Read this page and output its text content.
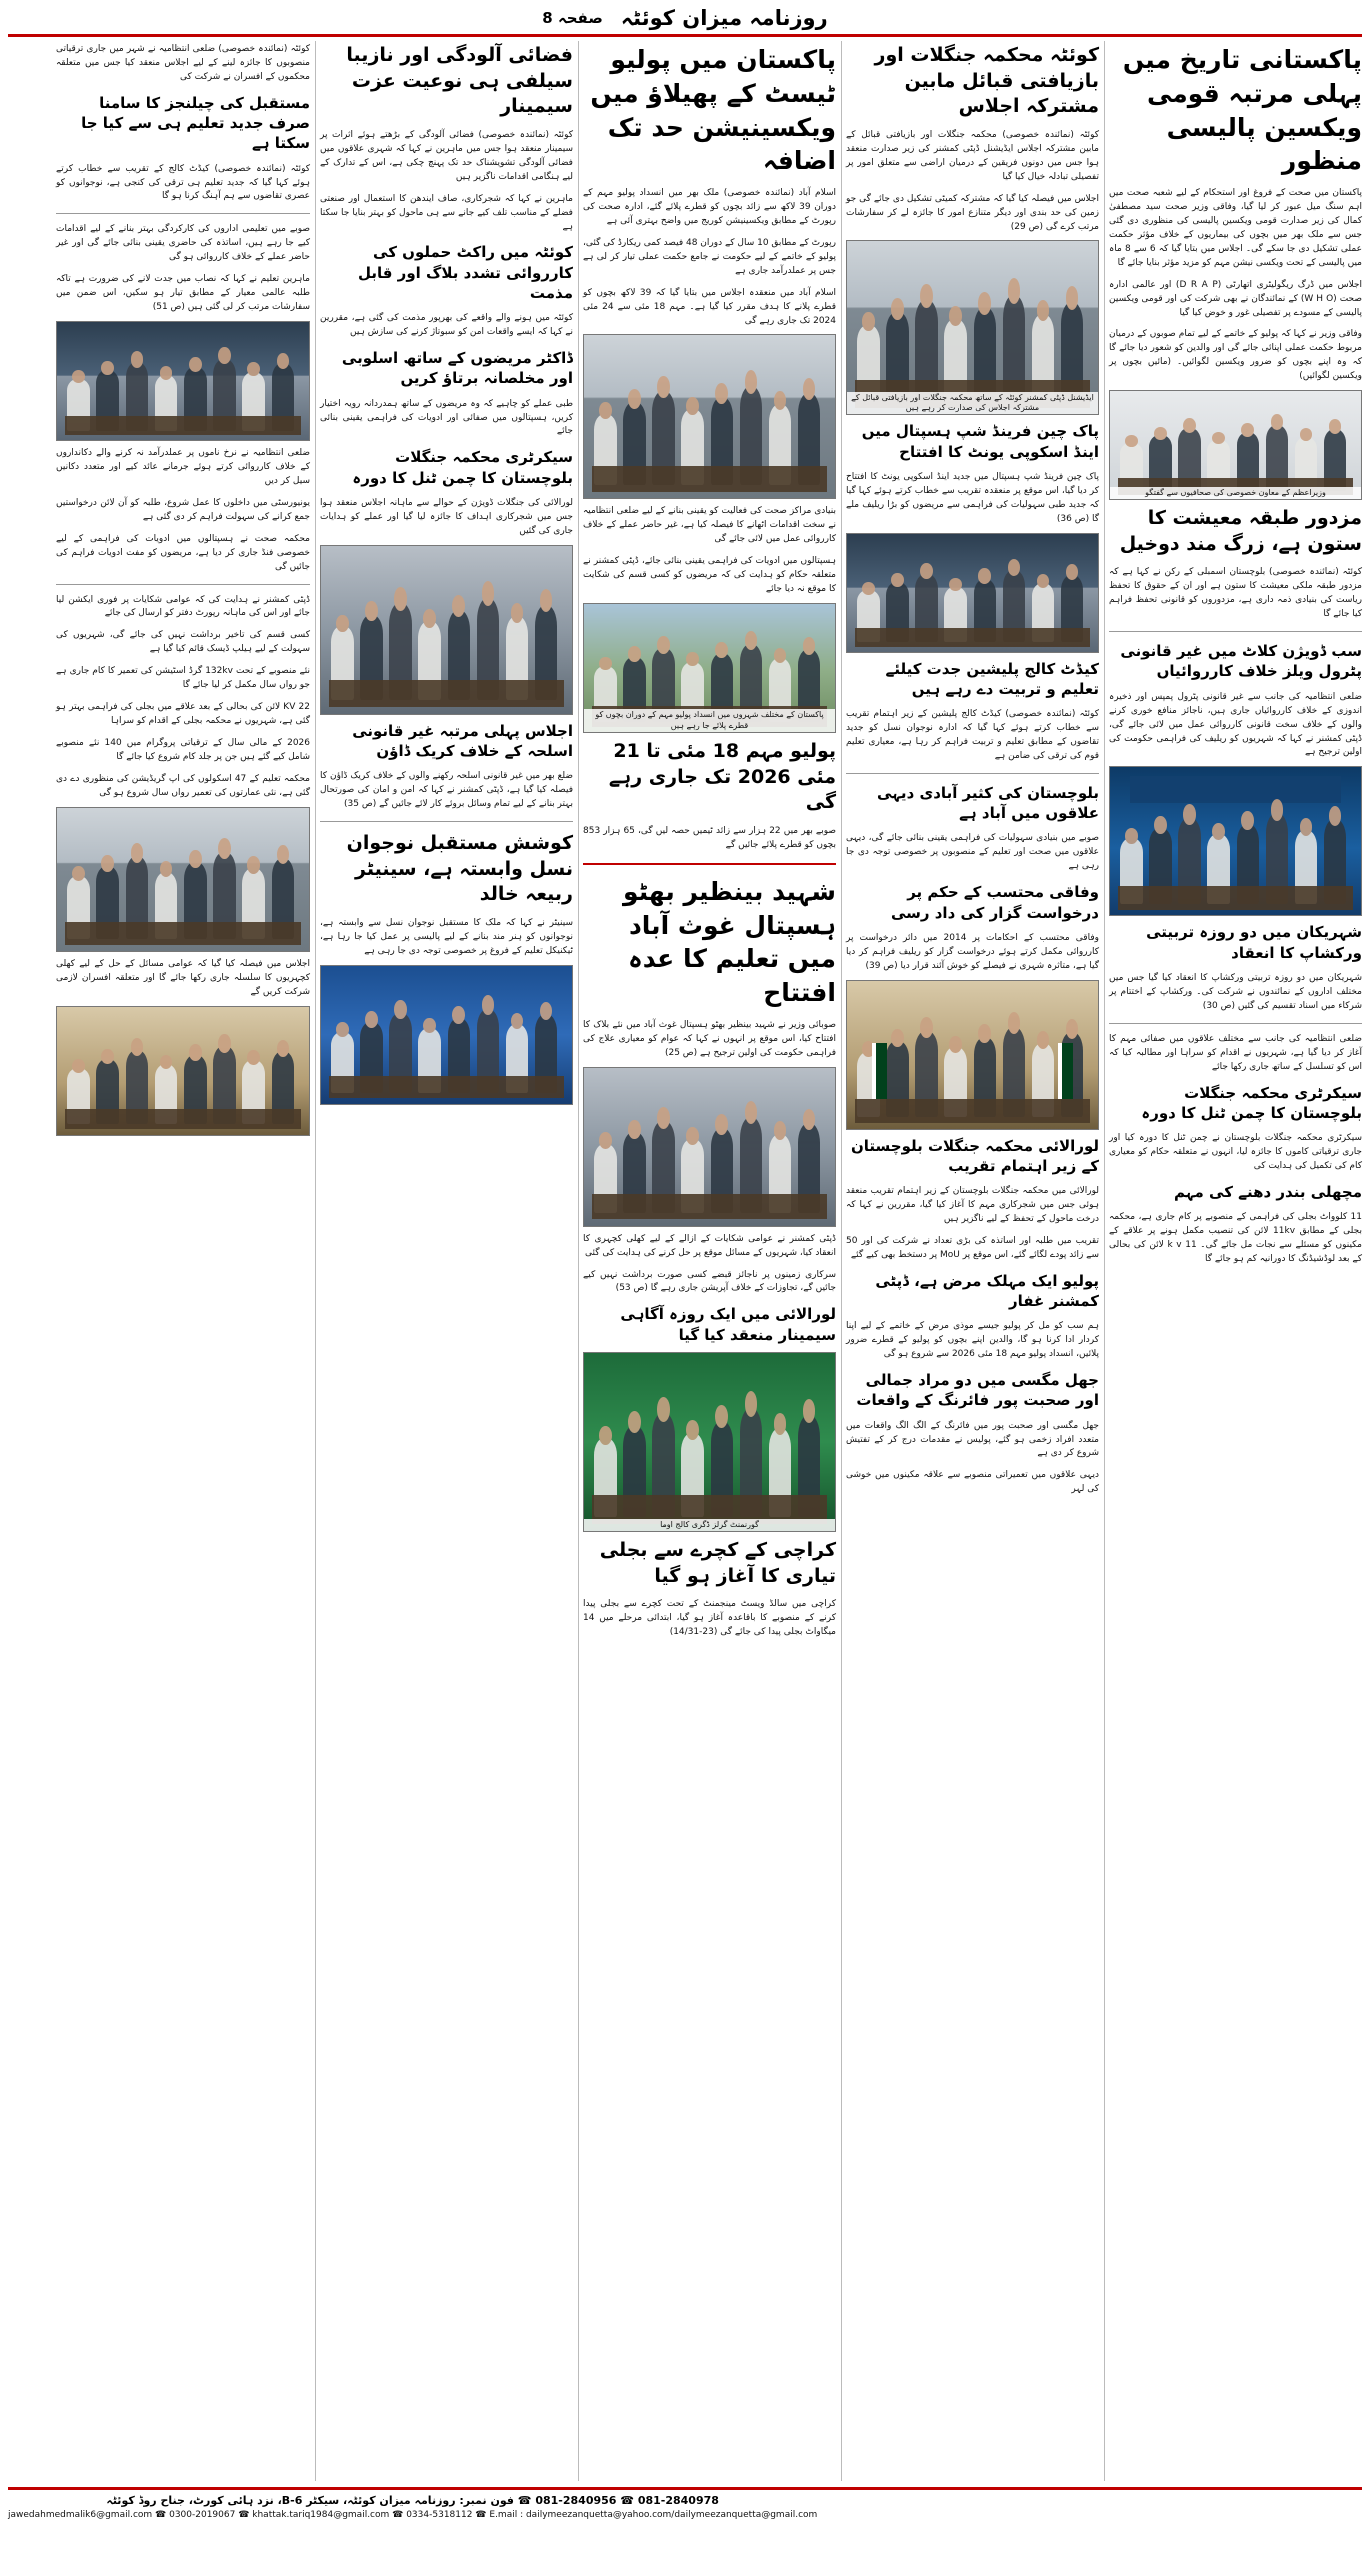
صفحہ 8 روزنامہ میزان کوئٹہ
پاکستانی تاریخ میں پہلی مرتبہ قومی ویکسین پالیسی منظور
پاکستان میں صحت کے فروغ اور استحکام کے لیے شعبہ صحت میں اہم سنگ میل عبور کر لیا گیا، وفاقی وزیر صحت سید مصطفیٰ کمال کی زیر صدارت قومی ویکسین پالیسی کی منظوری دی گئی جس سے ملک بھر میں بچوں کی بیماریوں کے خلاف مؤثر حکمت عملی تشکیل دی جا سکے گی۔ اجلاس میں بتایا گیا کہ 6 سے 8 ماہ میں پالیسی کے تحت ویکسی نیشن مہم کو مزید مؤثر بنایا جائے گا
اجلاس میں ڈرگ ریگولیٹری اتھارٹی (D R A P) اور عالمی ادارہ صحت (W H O) کے نمائندگان نے بھی شرکت کی اور قومی ویکسین پالیسی کے مسودے پر تفصیلی غور و خوض کیا گیا
وفاقی وزیر نے کہا کہ پولیو کے خاتمے کے لیے تمام صوبوں کے درمیان مربوط حکمت عملی اپنائی جائے گی اور والدین کو شعور دیا جائے گا کہ وہ اپنے بچوں کو ضرور ویکسین لگوائیں۔ (مائیں بچوں پر ویکسین لگوائیں)
وزیراعظم کے معاون خصوصی کی صحافیوں سے گفتگو
مزدور طبقہ معیشت کا ستون ہے، زرگ مند دوخیل
کوئٹہ (نمائندہ خصوصی) بلوچستان اسمبلی کے رکن نے کہا ہے کہ مزدور طبقہ ملکی معیشت کا ستون ہے اور ان کے حقوق کا تحفظ ریاست کی بنیادی ذمہ داری ہے، مزدوروں کو قانونی تحفظ فراہم کیا جائے گا
سب ڈویژن کلاٹ میں غیر قانونی پٹرول ویلز خلاف کارروائیاں
ضلعی انتظامیہ کی جانب سے غیر قانونی پٹرول پمپس اور ذخیرہ اندوزی کے خلاف کارروائیاں جاری ہیں، ناجائز منافع خوری کرنے والوں کے خلاف سخت قانونی کارروائی عمل میں لائی جائے گی، ڈپٹی کمشنر نے کہا کہ شہریوں کو ریلیف کی فراہمی حکومت کی اولین ترجیح ہے
شہریکان میں دو روزہ تربیتی ورکشاپ کا انعقاد
شہریکان میں دو روزہ تربیتی ورکشاپ کا انعقاد کیا گیا جس میں مختلف اداروں کے نمائندوں نے شرکت کی۔ ورکشاپ کے اختتام پر شرکاء میں اسناد تقسیم کی گئیں (ص 30)
ضلعی انتظامیہ کی جانب سے مختلف علاقوں میں صفائی مہم کا آغاز کر دیا گیا ہے، شہریوں نے اقدام کو سراہا اور مطالبہ کیا کہ اس کو تسلسل کے ساتھ جاری رکھا جائے
سیکرٹری محکمہ جنگلات بلوچستان کا چمن ٹنل کا دورہ
سیکرٹری محکمہ جنگلات بلوچستان نے چمن ٹنل کا دورہ کیا اور جاری ترقیاتی کاموں کا جائزہ لیا، انہوں نے متعلقہ حکام کو معیاری کام کی تکمیل کی ہدایت کی
مچھلی بندر دھنے کی مہم
11 کلوواٹ بجلی کی فراہمی کے منصوبے پر کام جاری ہے، محکمہ بجلی کے مطابق 11kv لائن کی تنصیب مکمل ہونے پر علاقے کے مکینوں کو مسئلے سے نجات مل جائے گی۔ 11 k v لائن کی بحالی کے بعد لوڈشیڈنگ کا دورانیہ کم ہو جائے گا
کوئٹہ محکمہ جنگلات اور بازیافتی قبائل مابین مشترکہ اجلاس
کوئٹہ (نمائندہ خصوصی) محکمہ جنگلات اور بازیافتی قبائل کے مابین مشترکہ اجلاس ایڈیشنل ڈپٹی کمشنر کی زیر صدارت منعقد ہوا جس میں دونوں فریقین کے درمیان اراضی سے متعلق امور پر تفصیلی تبادلہ خیال کیا گیا
اجلاس میں فیصلہ کیا گیا کہ مشترکہ کمیٹی تشکیل دی جائے گی جو زمین کی حد بندی اور دیگر متنازع امور کا جائزہ لے کر سفارشات مرتب کرے گی (ص 29)
ایڈیشنل ڈپٹی کمشنر کوئٹہ کے ساتھ محکمہ جنگلات اور بازیافتی قبائل کے مشترکہ اجلاس کی صدارت کر رہے ہیں
پاک چین فرینڈ شپ ہسپتال میں اینڈ اسکوپی یونٹ کا افتتاح
پاک چین فرینڈ شپ ہسپتال میں جدید اینڈ اسکوپی یونٹ کا افتتاح کر دیا گیا، اس موقع پر منعقدہ تقریب سے خطاب کرتے ہوئے کہا گیا کہ جدید طبی سہولیات کی فراہمی سے مریضوں کو بڑا ریلیف ملے گا (ص 36)
کیڈٹ کالج پلیشین جدت کیلئے تعلیم و تربیت دے رہے ہیں
کوئٹہ (نمائندہ خصوصی) کیڈٹ کالج پلیشین کے زیر اہتمام تقریب سے خطاب کرتے ہوئے کہا گیا کہ ادارہ نوجوان نسل کو جدید تقاضوں کے مطابق تعلیم و تربیت فراہم کر رہا ہے، معیاری تعلیم قوم کی ترقی کی ضامن ہے
بلوچستان کی کثیر آبادی دیہی علاقوں میں آباد ہے
صوبے میں بنیادی سہولیات کی فراہمی یقینی بنائی جائے گی، دیہی علاقوں میں صحت اور تعلیم کے منصوبوں پر خصوصی توجہ دی جا رہی ہے
وفاقی محتسب کے حکم پر درخواست گزار کی داد رسی
وفاقی محتسب کے احکامات پر 2014 میں دائر درخواست پر کارروائی مکمل کرتے ہوئے درخواست گزار کو ریلیف فراہم کر دیا گیا ہے، متاثرہ شہری نے فیصلے کو خوش آئند قرار دیا (ص 39)
لورالائی محکمہ جنگلات بلوچستان کے زیر اہتمام تقریب
لورالائی میں محکمہ جنگلات بلوچستان کے زیر اہتمام تقریب منعقد ہوئی جس میں شجرکاری مہم کا آغاز کیا گیا، مقررین نے کہا کہ درخت ماحول کے تحفظ کے لیے ناگزیر ہیں
تقریب میں طلبہ اور اساتذہ کی بڑی تعداد نے شرکت کی اور 50 سے زائد پودے لگائے گئے، اس موقع پر MoU پر دستخط بھی کیے گئے
پولیو ایک مہلک مرض ہے، ڈپٹی کمشنر غفار
ہم سب کو مل کر پولیو جیسے موذی مرض کے خاتمے کے لیے اپنا کردار ادا کرنا ہو گا، والدین اپنے بچوں کو پولیو کے قطرے ضرور پلائیں، انسداد پولیو مہم 18 مئی 2026 سے شروع ہو گی
جھل مگسی میں دو مراد جمالی اور صحبت پور فائرنگ کے واقعات
جھل مگسی اور صحبت پور میں فائرنگ کے الگ الگ واقعات میں متعدد افراد زخمی ہو گئے، پولیس نے مقدمات درج کر کے تفتیش شروع کر دی ہے
دیہی علاقوں میں تعمیراتی منصوبے سے علاقہ مکینوں میں خوشی کی لہر
پاکستان میں پولیو ٹیسٹ کے پھیلاؤ میں ویکسینیشن حد تک اضافہ
اسلام آباد (نمائندہ خصوصی) ملک بھر میں انسداد پولیو مہم کے دوران 39 لاکھ سے زائد بچوں کو قطرے پلائے گئے، ادارہ صحت کی رپورٹ کے مطابق ویکسینیشن کوریج میں واضح بہتری آئی ہے
رپورٹ کے مطابق 10 سال کے دوران 48 فیصد کمی ریکارڈ کی گئی، پولیو کے خاتمے کے لیے حکومت نے جامع حکمت عملی تیار کر لی ہے جس پر عملدرآمد جاری ہے
اسلام آباد میں منعقدہ اجلاس میں بتایا گیا کہ 39 لاکھ بچوں کو قطرے پلانے کا ہدف مقرر کیا گیا ہے۔ مہم 18 مئی سے 24 مئی 2024 تک جاری رہے گی
بنیادی مراکز صحت کی فعالیت کو یقینی بنانے کے لیے ضلعی انتظامیہ نے سخت اقدامات اٹھانے کا فیصلہ کیا ہے، غیر حاضر عملے کے خلاف کارروائی عمل میں لائی جائے گی
ہسپتالوں میں ادویات کی فراہمی یقینی بنائی جائے، ڈپٹی کمشنر نے متعلقہ حکام کو ہدایت کی کہ مریضوں کو کسی قسم کی شکایت کا موقع نہ دیا جائے
پاکستان کے مختلف شہروں میں انسداد پولیو مہم کے دوران بچوں کو قطرے پلائے جا رہے ہیں
پولیو مہم 18 مئی تا 21 مئی 2026 تک جاری رہے گی
صوبے بھر میں 22 ہزار سے زائد ٹیمیں حصہ لیں گی، 65 ہزار 853 بچوں کو قطرے پلائے جائیں گے
شہید بینظیر بھٹو ہسپتال غوث آباد میں تعلیم کا عدہ افتتاح
صوبائی وزیر نے شہید بینظیر بھٹو ہسپتال غوث آباد میں نئے بلاک کا افتتاح کیا، اس موقع پر انہوں نے کہا کہ عوام کو معیاری علاج کی فراہمی حکومت کی اولین ترجیح ہے (ص 25)
ڈپٹی کمشنر نے عوامی شکایات کے ازالے کے لیے کھلی کچہری کا انعقاد کیا، شہریوں کے مسائل موقع پر حل کرنے کی ہدایت کی گئی
سرکاری زمینوں پر ناجائز قبضے کسی صورت برداشت نہیں کیے جائیں گے، تجاوزات کے خلاف آپریشن جاری رہے گا (ص 53)
لورالائی میں ایک روزہ آگاہی سیمینار منعقد کیا گیا
گورنمنٹ گرلز ڈگری کالج اوما
کراچی کے کچرے سے بجلی تیاری کا آغاز ہو گیا
کراچی میں سالڈ ویسٹ مینجمنٹ کے تحت کچرے سے بجلی پیدا کرنے کے منصوبے کا باقاعدہ آغاز ہو گیا، ابتدائی مرحلے میں 14 میگاواٹ بجلی پیدا کی جائے گی (23-14/31)
فضائی آلودگی اور نازیبا سیلفی ہی نوعیت عزت سیمینار
کوئٹہ (نمائندہ خصوصی) فضائی آلودگی کے بڑھتے ہوئے اثرات پر سیمینار منعقد ہوا جس میں ماہرین نے کہا کہ شہری علاقوں میں فضائی آلودگی تشویشناک حد تک پہنچ چکی ہے، اس کے تدارک کے لیے ہنگامی اقدامات ناگزیر ہیں
ماہرین نے کہا کہ شجرکاری، صاف ایندھن کا استعمال اور صنعتی فضلے کے مناسب تلف کیے جانے سے ہی ماحول کو بہتر بنایا جا سکتا ہے
کوئٹہ میں راکٹ حملوں کی کارروائی تشدد بلاگ اور قابل مذمت
کوئٹہ میں ہونے والے واقعے کی بھرپور مذمت کی گئی ہے، مقررین نے کہا کہ ایسے واقعات امن کو سبوتاژ کرنے کی سازش ہیں
ڈاکٹر مریضوں کے ساتھ اسلوبی اور مخلصانہ برتاؤ کریں
طبی عملے کو چاہیے کہ وہ مریضوں کے ساتھ ہمدردانہ رویہ اختیار کریں، ہسپتالوں میں صفائی اور ادویات کی فراہمی یقینی بنائی جائے
سیکرٹری محکمہ جنگلات بلوچستان کا چمن ٹنل کا دورہ
لورالائی کی جنگلات ڈویژن کے حوالے سے ماہانہ اجلاس منعقد ہوا جس میں شجرکاری اہداف کا جائزہ لیا گیا اور عملے کو ہدایات جاری کی گئیں
اجلاس پہلی مرتبہ غیر قانونی اسلحہ کے خلاف کریک ڈاؤن
ضلع بھر میں غیر قانونی اسلحہ رکھنے والوں کے خلاف کریک ڈاؤن کا فیصلہ کیا گیا ہے، ڈپٹی کمشنر نے کہا کہ امن و امان کی صورتحال بہتر بنانے کے لیے تمام وسائل بروئے کار لائے جائیں گے (ص 35)
کوشش مستقبل نوجوان نسل وابستہ ہے، سینیٹر ربیعہ خالد
سینیٹر نے کہا کہ ملک کا مستقبل نوجوان نسل سے وابستہ ہے، نوجوانوں کو ہنر مند بنانے کے لیے پالیسی پر عمل کیا جا رہا ہے، ٹیکنیکل تعلیم کے فروغ پر خصوصی توجہ دی جا رہی ہے
کوئٹہ (نمائندہ خصوصی) ضلعی انتظامیہ نے شہر میں جاری ترقیاتی منصوبوں کا جائزہ لینے کے لیے اجلاس منعقد کیا جس میں متعلقہ محکموں کے افسران نے شرکت کی
مستقبل کی چیلنجز کا سامنا صرف جدید تعلیم ہی سے کیا جا سکتا ہے
کوئٹہ (نمائندہ خصوصی) کیڈٹ کالج کے تقریب سے خطاب کرتے ہوئے کہا گیا کہ جدید تعلیم ہی ترقی کی کنجی ہے، نوجوانوں کو عصری تقاضوں سے ہم آہنگ کرنا ہو گا
صوبے میں تعلیمی اداروں کی کارکردگی بہتر بنانے کے لیے اقدامات کیے جا رہے ہیں، اساتذہ کی حاضری یقینی بنائی جائے گی اور غیر حاضر عملے کے خلاف کارروائی ہو گی
ماہرین تعلیم نے کہا کہ نصاب میں جدت لانے کی ضرورت ہے تاکہ طلبہ عالمی معیار کے مطابق تیار ہو سکیں، اس ضمن میں سفارشات مرتب کر لی گئی ہیں (ص 51)
ضلعی انتظامیہ نے نرخ ناموں پر عملدرآمد نہ کرنے والے دکانداروں کے خلاف کارروائی کرتے ہوئے جرمانے عائد کیے اور متعدد دکانیں سیل کر دیں
یونیورسٹی میں داخلوں کا عمل شروع، طلبہ کو آن لائن درخواستیں جمع کرانے کی سہولت فراہم کر دی گئی ہے
محکمہ صحت نے ہسپتالوں میں ادویات کی فراہمی کے لیے خصوصی فنڈ جاری کر دیا ہے، مریضوں کو مفت ادویات فراہم کی جائیں گی
ڈپٹی کمشنر نے ہدایت کی کہ عوامی شکایات پر فوری ایکشن لیا جائے اور اس کی ماہانہ رپورٹ دفتر کو ارسال کی جائے
کسی قسم کی تاخیر برداشت نہیں کی جائے گی، شہریوں کی سہولت کے لیے ہیلپ ڈیسک قائم کیا گیا ہے
نئے منصوبے کے تحت 132kv گرڈ اسٹیشن کی تعمیر کا کام جاری ہے جو رواں سال مکمل کر لیا جائے گا
22 KV لائن کی بحالی کے بعد علاقے میں بجلی کی فراہمی بہتر ہو گئی ہے، شہریوں نے محکمہ بجلی کے اقدام کو سراہا
2026 کے مالی سال کے ترقیاتی پروگرام میں 140 نئے منصوبے شامل کیے گئے ہیں جن پر جلد کام شروع کیا جائے گا
محکمہ تعلیم کے 47 اسکولوں کی اپ گریڈیشن کی منظوری دے دی گئی ہے، نئی عمارتوں کی تعمیر رواں سال شروع ہو گی
اجلاس میں فیصلہ کیا گیا کہ عوامی مسائل کے حل کے لیے کھلی کچہریوں کا سلسلہ جاری رکھا جائے گا اور متعلقہ افسران لازمی شرکت کریں گے
081-2840978 ☎ 081-2840956 ☎ فون نمبر: روزنامہ میزان کوئٹہ، سیکٹر B-6، نزد ہائی کورٹ، جناح روڈ کوئٹہ
jawedahmedmalik6@gmail.com ☎ 0300-2019067 ☎ khattak.tariq1984@gmail.com ☎ 0334-5318112 ☎ E.mail : dailymeezanquetta@yahoo.com/dailymeezanquetta@gmail.com
